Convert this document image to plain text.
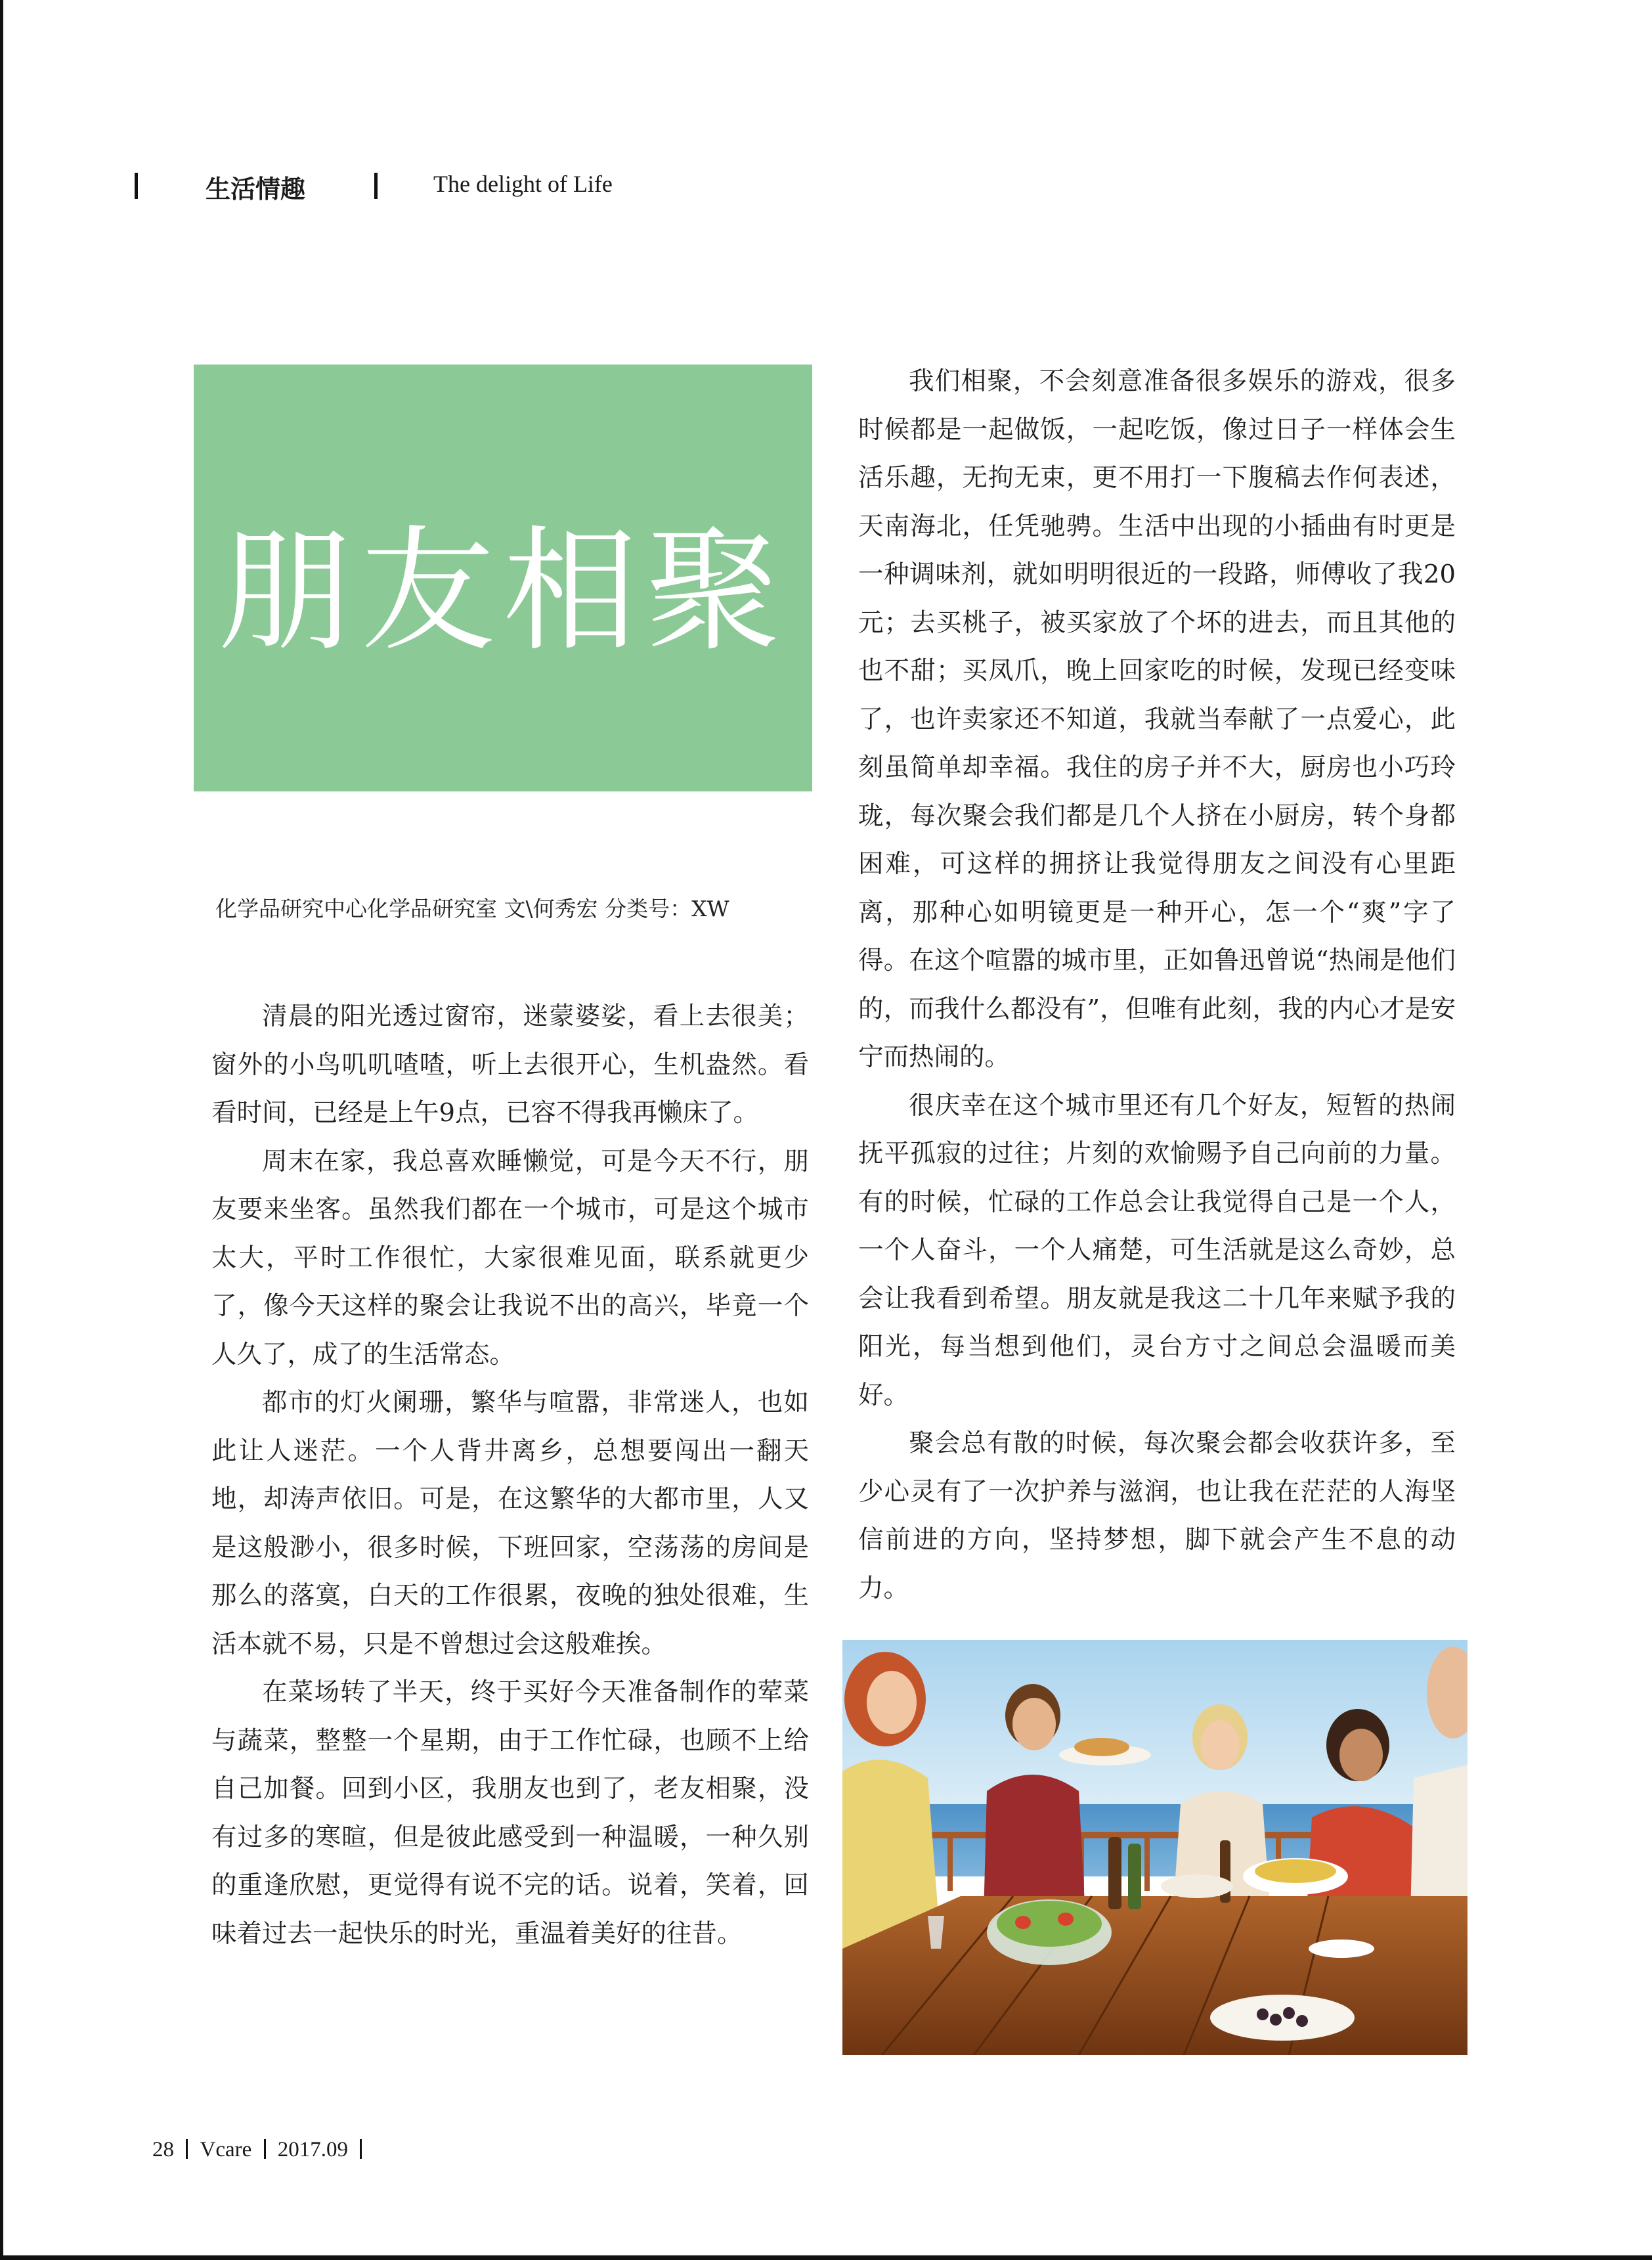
生活情趣	The delight of Life
朋友相聚
化学品研究中心化学品研究室 文\何秀宏 分类号：XW

清晨的阳光透过窗帘，迷蒙婆娑，看上去很美；窗外的小鸟叽叽喳喳，听上去很开心，生机盎然。看看时间，已经是上午9点，已容不得我再懒床了。

周末在家，我总喜欢睡懒觉，可是今天不行，朋友要来坐客。虽然我们都在一个城市，可是这个城市太大，平时工作很忙，大家很难见面，联系就更少了，像今天这样的聚会让我说不出的高兴，毕竟一个人久了，成了的生活常态。

都市的灯火阑珊，繁华与喧嚣，非常迷人，也如此让人迷茫。一个人背井离乡，总想要闯出一翻天地，却涛声依旧。可是，在这繁华的大都市里，人又是这般渺小，很多时候，下班回家，空荡荡的房间是那么的落寞，白天的工作很累，夜晚的独处很难，生活本就不易，只是不曾想过会这般难挨。

在菜场转了半天，终于买好今天准备制作的荤菜与蔬菜，整整一个星期，由于工作忙碌，也顾不上给自己加餐。回到小区，我朋友也到了，老友相聚，没有过多的寒暄，但是彼此感受到一种温暖，一种久别的重逢欣慰，更觉得有说不完的话。说着，笑着，回味着过去一起快乐的时光，重温着美好的往昔。

我们相聚，不会刻意准备很多娱乐的游戏，很多时候都是一起做饭，一起吃饭，像过日子一样体会生活乐趣，无拘无束，更不用打一下腹稿去作何表述，天南海北，任凭驰骋。生活中出现的小插曲有时更是一种调味剂，就如明明很近的一段路，师傅收了我20元；去买桃子，被买家放了个坏的进去，而且其他的也不甜；买凤爪，晚上回家吃的时候，发现已经变味了，也许卖家还不知道，我就当奉献了一点爱心，此刻虽简单却幸福。我住的房子并不大，厨房也小巧玲珑，每次聚会我们都是几个人挤在小厨房，转个身都困难，可这样的拥挤让我觉得朋友之间没有心里距离，那种心如明镜更是一种开心，怎一个“爽”字了得。在这个喧嚣的城市里，正如鲁迅曾说“热闹是他们的，而我什么都没有”，但唯有此刻，我的内心才是安宁而热闹的。

很庆幸在这个城市里还有几个好友，短暂的热闹抚平孤寂的过往；片刻的欢愉赐予自己向前的力量。有的时候，忙碌的工作总会让我觉得自己是一个人，一个人奋斗，一个人痛楚，可生活就是这么奇妙，总会让我看到希望。朋友就是我这二十几年来赋予我的阳光，每当想到他们，灵台方寸之间总会温暖而美好。

聚会总有散的时候，每次聚会都会收获许多，至少心灵有了一次护养与滋润，也让我在茫茫的人海坚信前进的方向，坚持梦想，脚下就会产生不息的动力。

28 Vcare 2017.09
